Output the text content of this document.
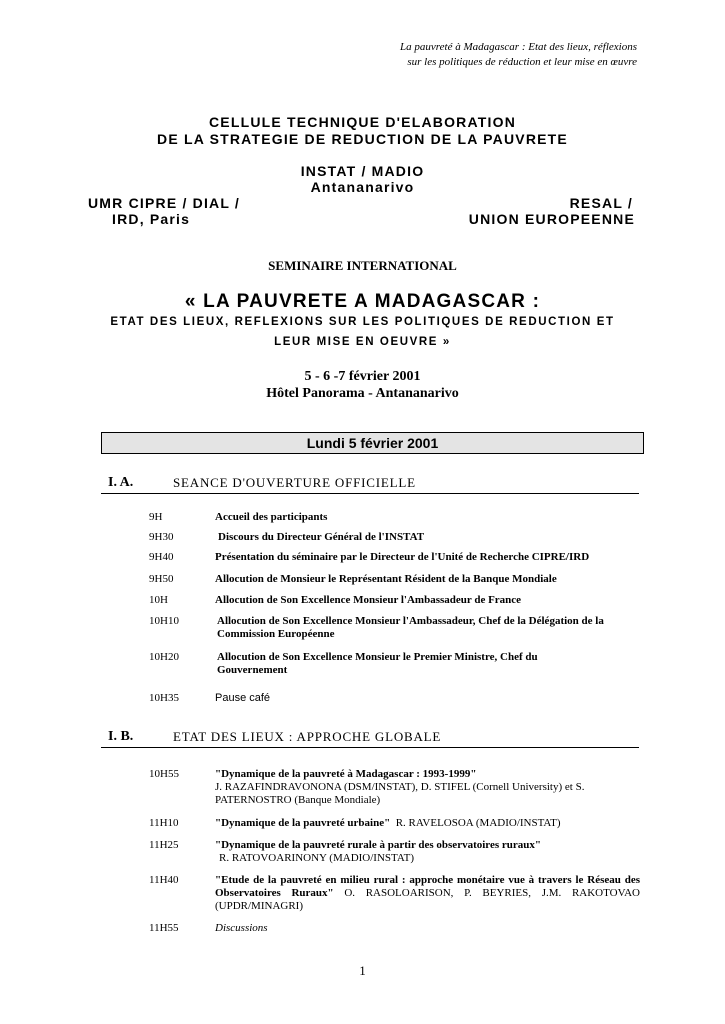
La pauvreté à Madagascar : Etat des lieux, réflexions
sur les politiques de réduction et leur mise en œuvre
CELLULE TECHNIQUE D'ELABORATION
DE LA STRATEGIE DE REDUCTION DE LA PAUVRETE
INSTAT / MADIO
Antananarivo
UMR CIPRE / DIAL /
IRD, Paris
RESAL /
UNION EUROPEENNE
SEMINAIRE INTERNATIONAL
« LA PAUVRETE A MADAGASCAR :
ETAT DES LIEUX, REFLEXIONS SUR LES POLITIQUES DE REDUCTION ET
LEUR MISE EN OEUVRE »
5 - 6 -7 février 2001
Hôtel Panorama - Antananarivo
Lundi 5 février 2001
I. A.	SEANCE D'OUVERTURE OFFICIELLE
9H	Accueil des participants
9H30	Discours du Directeur Général de l'INSTAT
9H40	Présentation du séminaire par le Directeur de l'Unité de Recherche CIPRE/IRD
9H50	Allocution de Monsieur le Représentant Résident de la Banque Mondiale
10H	Allocution de Son Excellence Monsieur l'Ambassadeur de France
10H10	Allocution de Son Excellence Monsieur l'Ambassadeur, Chef de la Délégation de la Commission Européenne
10H20	Allocution de Son Excellence Monsieur le Premier Ministre, Chef du Gouvernement
10H35	Pause café
I. B.	ETAT DES LIEUX : APPROCHE GLOBALE
10H55	"Dynamique de la pauvreté à Madagascar : 1993-1999"
J. RAZAFINDRAVONONA (DSM/INSTAT), D. STIFEL (Cornell University) et S. PATERNOSTRO (Banque Mondiale)
11H10	"Dynamique de la pauvreté urbaine" R. RAVELOSOA (MADIO/INSTAT)
11H25	"Dynamique de la pauvreté rurale à partir des observatoires ruraux"
R. RATOVOARINONY (MADIO/INSTAT)
11H40	"Etude de la pauvreté en milieu rural : approche monétaire vue à travers le Réseau des Observatoires Ruraux" O. RASOLOARISON, P. BEYRIES, J.M. RAKOTOVAO (UPDR/MINAGRI)
11H55	Discussions
1
